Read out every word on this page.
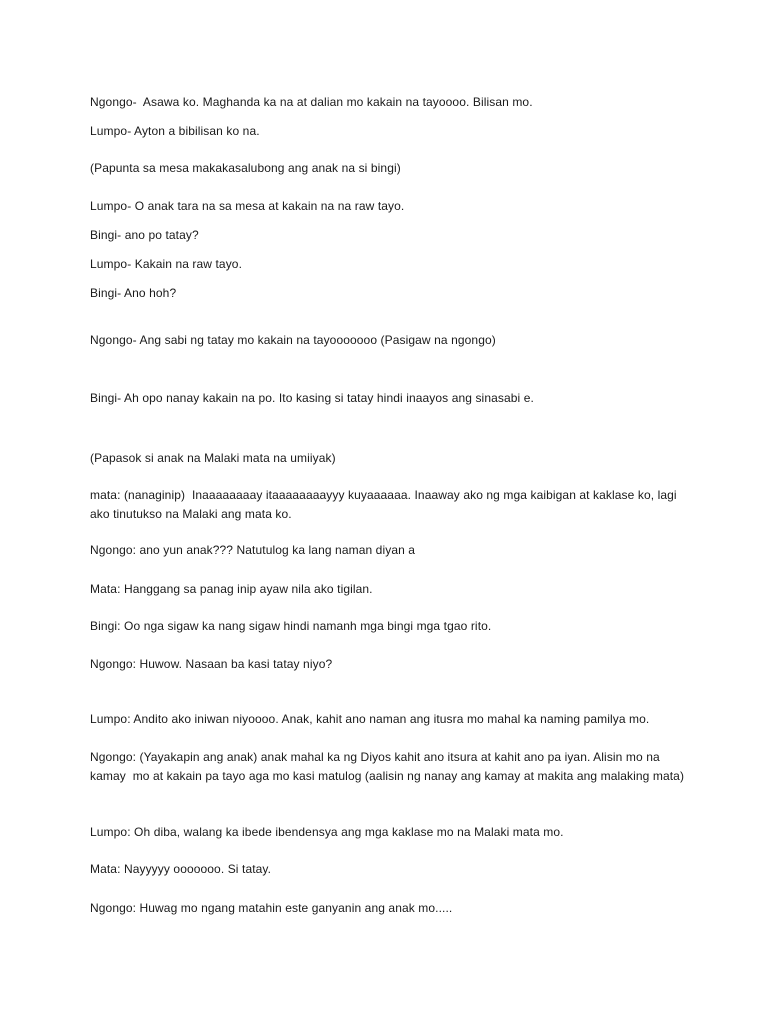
Ngongo-  Asawa ko. Maghanda ka na at dalian mo kakain na tayoooo. Bilisan mo.
Lumpo- Ayton a bibilisan ko na.
(Papunta sa mesa makakasalubong ang anak na si bingi)
Lumpo- O anak tara na sa mesa at kakain na na raw tayo.
Bingi- ano po tatay?
Lumpo- Kakain na raw tayo.
Bingi- Ano hoh?
Ngongo- Ang sabi ng tatay mo kakain na tayooooooo (Pasigaw na ngongo)
Bingi- Ah opo nanay kakain na po. Ito kasing si tatay hindi inaayos ang sinasabi e.
(Papasok si anak na Malaki mata na umiiyak)
mata: (nanaginip)  Inaaaaaaaay itaaaaaaaayyy kuyaaaaaa. Inaaway ako ng mga kaibigan at kaklase ko, lagi ako tinutukso na Malaki ang mata ko.
Ngongo: ano yun anak??? Natutulog ka lang naman diyan a
Mata: Hanggang sa panag inip ayaw nila ako tigilan.
Bingi: Oo nga sigaw ka nang sigaw hindi namanh mga bingi mga tgao rito.
Ngongo: Huwow. Nasaan ba kasi tatay niyo?
Lumpo: Andito ako iniwan niyoooo. Anak, kahit ano naman ang itusra mo mahal ka naming pamilya mo.
Ngongo: (Yayakapin ang anak) anak mahal ka ng Diyos kahit ano itsura at kahit ano pa iyan. Alisin mo na kamay  mo at kakain pa tayo aga mo kasi matulog (aalisin ng nanay ang kamay at makita ang malaking mata)
Lumpo: Oh diba, walang ka ibede ibendensya ang mga kaklase mo na Malaki mata mo.
Mata: Nayyyyy ooooooo. Si tatay.
Ngongo: Huwag mo ngang matahin este ganyanin ang anak mo.....
